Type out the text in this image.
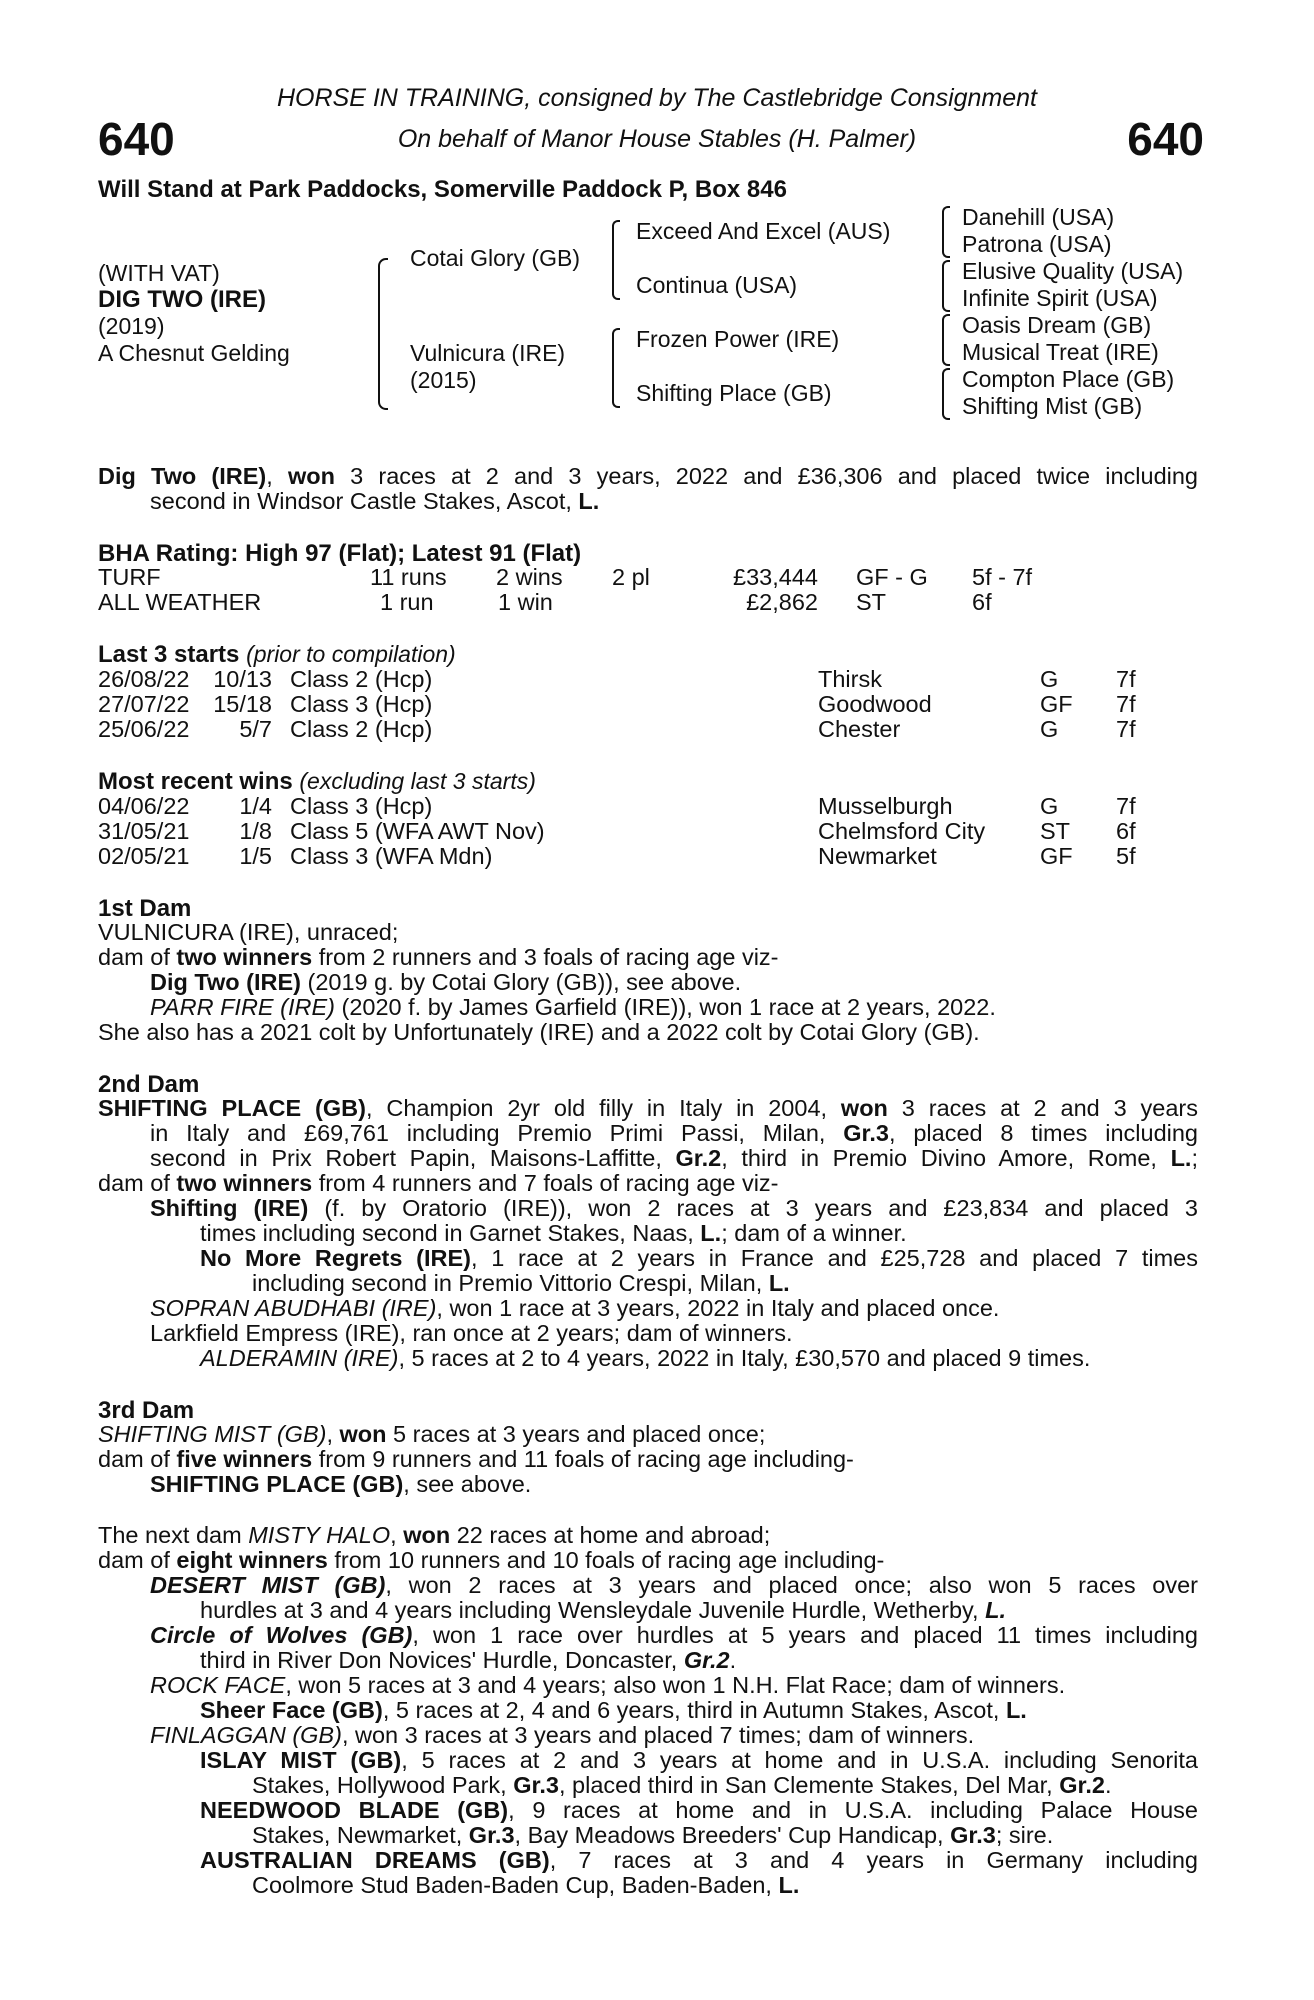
640	640
HORSE IN TRAINING, consigned by The Castlebridge Consignment
On behalf of Manor House Stables (H. Palmer)
Will Stand at Park Paddocks, Somerville Paddock P, Box 846
(WITH VAT)
DIG TWO (IRE)
(2019)
A Chesnut Gelding
Cotai Glory (GB)
Vulnicura (IRE)
(2015)
Exceed And Excel (AUS)
Continua (USA)
Frozen Power (IRE)
Shifting Place (GB)
Danehill (USA)
Patrona (USA)
Elusive Quality (USA)
Infinite Spirit (USA)
Oasis Dream (GB)
Musical Treat (IRE)
Compton Place (GB)
Shifting Mist (GB)
Dig Two (IRE), won 3 races at 2 and 3 years, 2022 and £36,306 and placed twice including
second in Windsor Castle Stakes, Ascot, L.
BHA Rating: High 97 (Flat); Latest 91 (Flat)
TURF	11 runs 2 wins 2 pl	£33,444 GF - G 5f - 7f
ALL WEATHER	1 run	1 win	£2,862 ST	6f
Last 3 starts (prior to compilation)
26/08/22	10/13 Class 2 (Hcp)	Thirsk	G 7f
27/07/22	15/18 Class 3 (Hcp)	Goodwood	GF 7f
25/06/22	5/7 Class 2 (Hcp)	Chester	G 7f
Most recent wins (excluding last 3 starts)
04/06/22	1/4 Class 3 (Hcp)	Musselburgh	G 7f
31/05/21	1/8 Class 5 (WFA AWT Nov)	Chelmsford City ST 6f
02/05/21	1/5 Class 3 (WFA Mdn)	Newmarket	GF 5f
1st Dam
VULNICURA (IRE), unraced;
dam of two winners from 2 runners and 3 foals of racing age viz-
Dig Two (IRE) (2019 g. by Cotai Glory (GB)), see above.
PARR FIRE (IRE) (2020 f. by James Garfield (IRE)), won 1 race at 2 years, 2022.
She also has a 2021 colt by Unfortunately (IRE) and a 2022 colt by Cotai Glory (GB).
2nd Dam
SHIFTING PLACE (GB), Champion 2yr old filly in Italy in 2004, won 3 races at 2 and 3 years
in Italy and £69,761 including Premio Primi Passi, Milan, Gr.3, placed 8 times including
second in Prix Robert Papin, Maisons-Laffitte, Gr.2, third in Premio Divino Amore, Rome, L.;
dam of two winners from 4 runners and 7 foals of racing age viz-
Shifting (IRE) (f. by Oratorio (IRE)), won 2 races at 3 years and £23,834 and placed 3
times including second in Garnet Stakes, Naas, L.; dam of a winner.
No More Regrets (IRE), 1 race at 2 years in France and £25,728 and placed 7 times
including second in Premio Vittorio Crespi, Milan, L.
SOPRAN ABUDHABI (IRE), won 1 race at 3 years, 2022 in Italy and placed once.
Larkfield Empress (IRE), ran once at 2 years; dam of winners.
ALDERAMIN (IRE), 5 races at 2 to 4 years, 2022 in Italy, £30,570 and placed 9 times.
3rd Dam
SHIFTING MIST (GB), won 5 races at 3 years and placed once;
dam of five winners from 9 runners and 11 foals of racing age including-
SHIFTING PLACE (GB), see above.
The next dam MISTY HALO, won 22 races at home and abroad;
dam of eight winners from 10 runners and 10 foals of racing age including-
DESERT MIST (GB), won 2 races at 3 years and placed once; also won 5 races over
hurdles at 3 and 4 years including Wensleydale Juvenile Hurdle, Wetherby, L.
Circle of Wolves (GB), won 1 race over hurdles at 5 years and placed 11 times including
third in River Don Novices' Hurdle, Doncaster, Gr.2.
ROCK FACE, won 5 races at 3 and 4 years; also won 1 N.H. Flat Race; dam of winners.
Sheer Face (GB), 5 races at 2, 4 and 6 years, third in Autumn Stakes, Ascot, L.
FINLAGGAN (GB), won 3 races at 3 years and placed 7 times; dam of winners.
ISLAY MIST (GB), 5 races at 2 and 3 years at home and in U.S.A. including Senorita
Stakes, Hollywood Park, Gr.3, placed third in San Clemente Stakes, Del Mar, Gr.2.
NEEDWOOD BLADE (GB), 9 races at home and in U.S.A. including Palace House
Stakes, Newmarket, Gr.3, Bay Meadows Breeders' Cup Handicap, Gr.3; sire.
AUSTRALIAN DREAMS (GB), 7 races at 3 and 4 years in Germany including
Coolmore Stud Baden-Baden Cup, Baden-Baden, L.
